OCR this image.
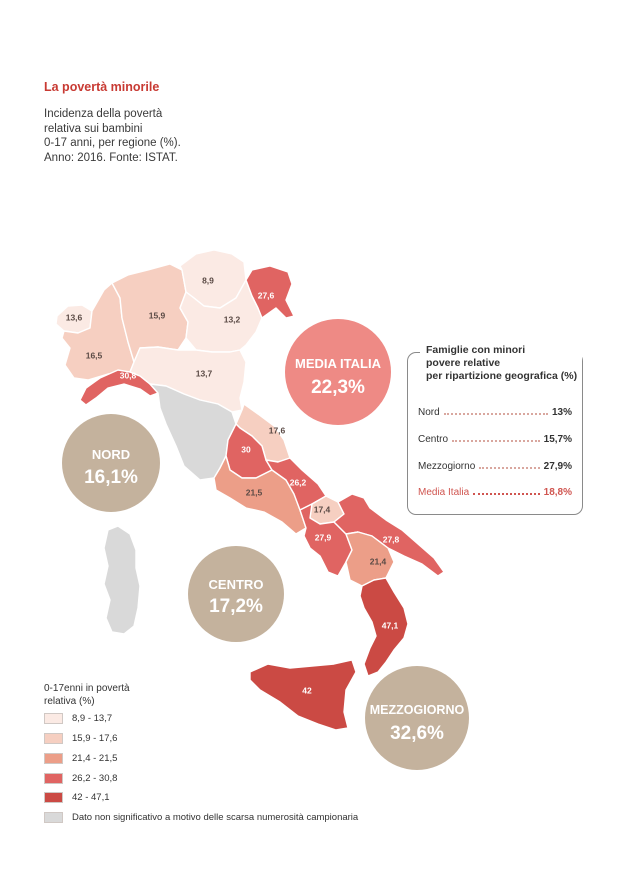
La povertà minorile
Incidenza della povertà
relativa sui bambini
0-17 anni, per regione (%).
Anno: 2016. Fonte: ISTAT.
13,6
16,5
15,9
8,9
13,2
27,6
30,8	13,7
17,6
30
21,5
26,2
17,4
27,9	27,8
21,4
47,1
42
NORD
16,1%
CENTRO
17,2%
MEZZOGIORNO
32,6%
MEDIA ITALIA
22,3%
Famiglie con minori
povere relative
per ripartizione geografica (%)
Nord	13%
Centro	15,7%
Mezzogiorno	27,9%
Media Italia	18,8%
0-17enni in povertà
relativa (%)
8,9 - 13,7
15,9 - 17,6
21,4 - 21,5
26,2 - 30,8
42 - 47,1
Dato non significativo a motivo delle scarsa numerosità campionaria
